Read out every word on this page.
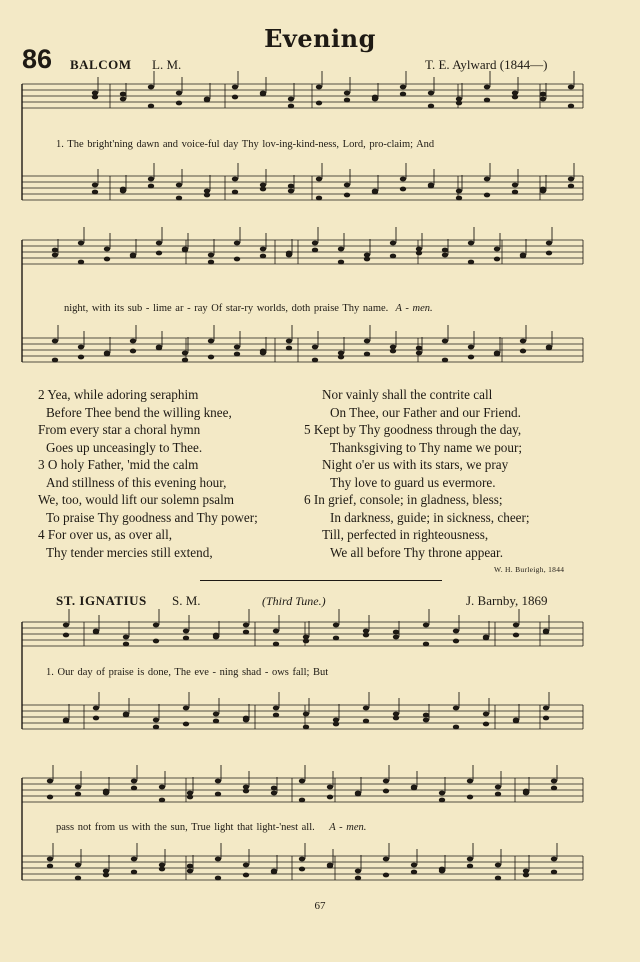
Evening
86 BALCOM L. M.	T. E. Aylward (1844—)
1. The bright'ning dawn and voice-ful day Thy lov-ing-kind-ness, Lord, pro-claim; And
night, with its sub - lime ar - ray Of star-ry worlds, doth praise Thy name. A - men.
2 Yea, while adoring seraphim
Before Thee bend the willing knee,
From every star a choral hymn
Goes up unceasingly to Thee.
3 O holy Father, 'mid the calm
And stillness of this evening hour,
We, too, would lift our solemn psalm
To praise Thy goodness and Thy power;
4 For over us, as over all,
Thy tender mercies still extend,
Nor vainly shall the contrite call
On Thee, our Father and our Friend.
5 Kept by Thy goodness through the day,
Thanksgiving to Thy name we pour;
Night o'er us with its stars, we pray
Thy love to guard us evermore.
6 In grief, console; in gladness, bless;
In darkness, guide; in sickness, cheer;
Till, perfected in righteousness,
We all before Thy throne appear.
W. H. Burleigh, 1844
ST. IGNATIUS S. M.	(Third Tune.)	J. Barnby, 1869
1. Our day of praise is done, The eve - ning shad - ows fall; But
pass not from us with the sun, True light that light-'nest all. A - men.
67
